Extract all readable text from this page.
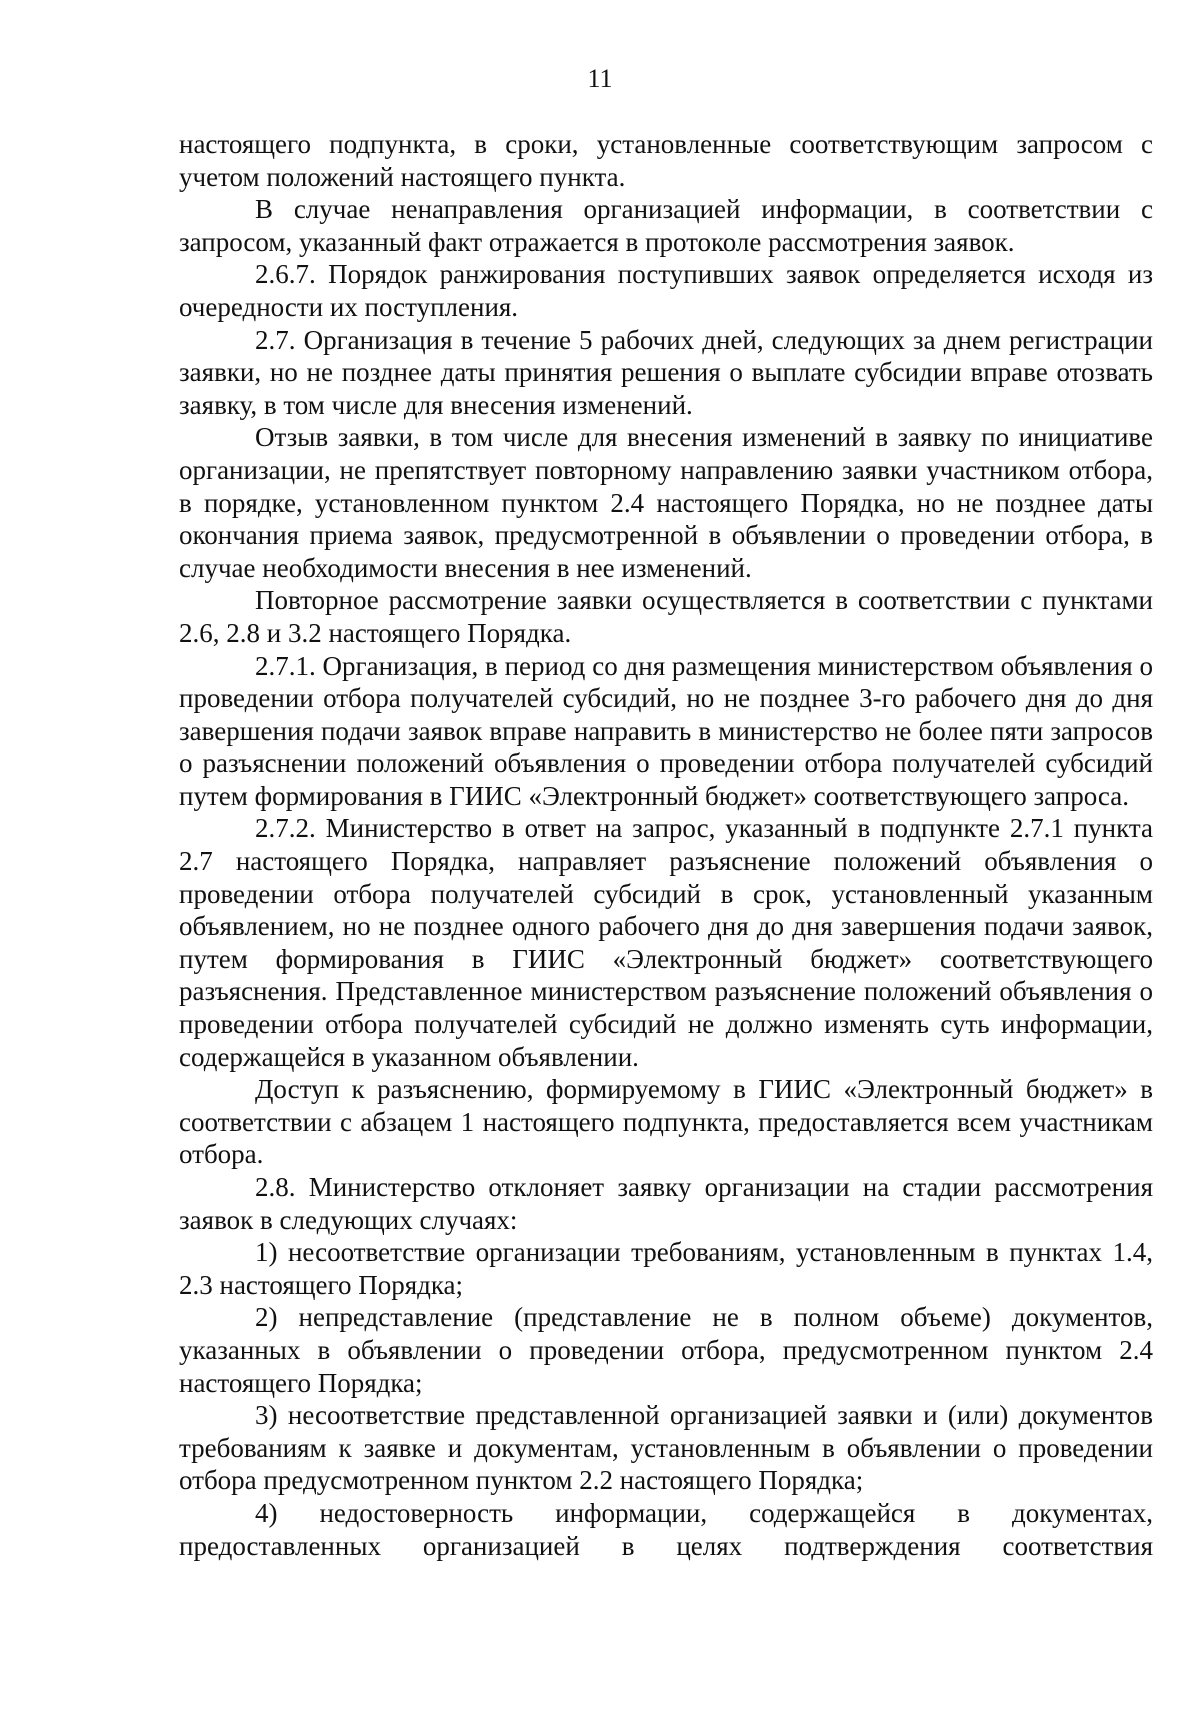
11

настоящего подпункта, в сроки, установленные соответствующим запросом с учетом положений настоящего пункта.

В случае ненаправления организацией информации, в соответствии с запросом, указанный факт отражается в протоколе рассмотрения заявок.

2.6.7. Порядок ранжирования поступивших заявок определяется исходя из очередности их поступления.

2.7. Организация в течение 5 рабочих дней, следующих за днем регистрации заявки, но не позднее даты принятия решения о выплате субсидии вправе отозвать заявку, в том числе для внесения изменений.

Отзыв заявки, в том числе для внесения изменений в заявку по инициативе организации, не препятствует повторному направлению заявки участником отбора, в порядке, установленном пунктом 2.4 настоящего Порядка, но не позднее даты окончания приема заявок, предусмотренной в объявлении о проведении отбора, в случае необходимости внесения в нее изменений.

Повторное рассмотрение заявки осуществляется в соответствии с пунктами 2.6, 2.8 и 3.2 настоящего Порядка.

2.7.1. Организация, в период со дня размещения министерством объявления о проведении отбора получателей субсидий, но не позднее 3-го рабочего дня до дня завершения подачи заявок вправе направить в министерство не более пяти запросов о разъяснении положений объявления о проведении отбора получателей субсидий путем формирования в ГИИС «Электронный бюджет» соответствующего запроса.

2.7.2. Министерство в ответ на запрос, указанный в подпункте 2.7.1 пункта 2.7 настоящего Порядка, направляет разъяснение положений объявления о проведении отбора получателей субсидий в срок, установленный указанным объявлением, но не позднее одного рабочего дня до дня завершения подачи заявок, путем формирования в ГИИС «Электронный бюджет» соответствующего разъяснения. Представленное министерством разъяснение положений объявления о проведении отбора получателей субсидий не должно изменять суть информации, содержащейся в указанном объявлении.

Доступ к разъяснению, формируемому в ГИИС «Электронный бюджет» в соответствии с абзацем 1 настоящего подпункта, предоставляется всем участникам отбора.

2.8. Министерство отклоняет заявку организации на стадии рассмотрения заявок в следующих случаях:

1) несоответствие организации требованиям, установленным в пунктах 1.4, 2.3 настоящего Порядка;

2) непредставление (представление не в полном объеме) документов, указанных в объявлении о проведении отбора, предусмотренном пунктом 2.4 настоящего Порядка;

3) несоответствие представленной организацией заявки и (или) документов требованиям к заявке и документам, установленным в объявлении о проведении отбора предусмотренном пунктом 2.2 настоящего Порядка;

4) недостоверность информации, содержащейся в документах, предоставленных организацией в целях подтверждения соответствия
